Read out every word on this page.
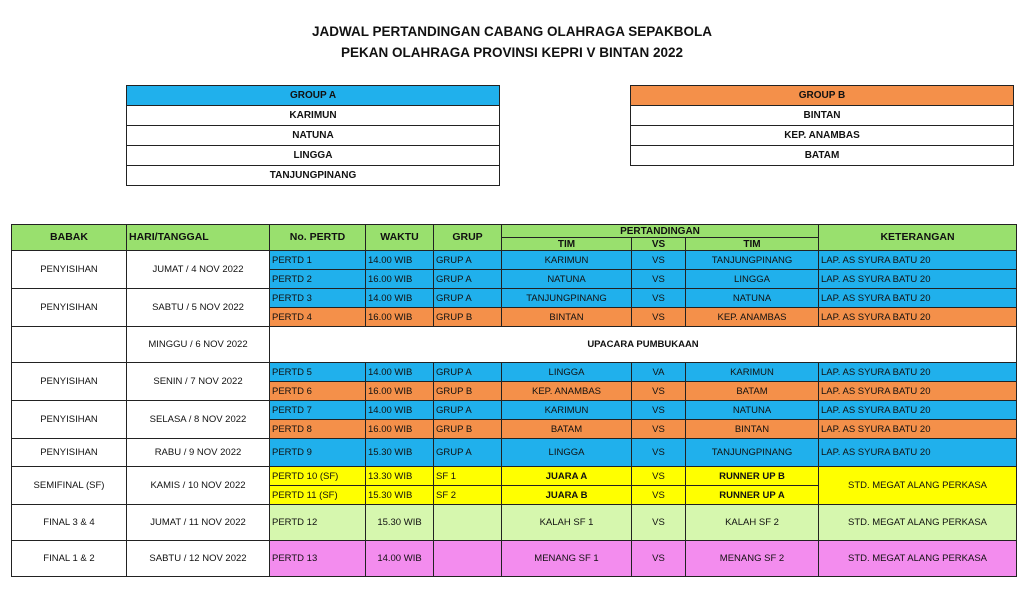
JADWAL PERTANDINGAN CABANG OLAHRAGA SEPAKBOLA
PEKAN OLAHRAGA PROVINSI KEPRI V BINTAN 2022
GROUP A
KARIMUN
NATUNA
LINGGA
TANJUNGPINANG
GROUP B
BINTAN
KEP. ANAMBAS
BATAM
BABAK	HARI/TANGGAL	No. PERTD	WAKTU	GRUP	PERTANDINGAN			KETERANGAN
					TIM	VS	TIM	
PENYISIHAN	JUMAT / 4 NOV 2022	PERTD 1	14.00 WIB	GRUP A	KARIMUN	VS	TANJUNGPINANG	LAP. AS SYURA BATU 20
		PERTD 2	16.00 WIB	GRUP A	NATUNA	VS	LINGGA	LAP. AS SYURA BATU 20
PENYISIHAN	SABTU / 5 NOV 2022	PERTD 3	14.00 WIB	GRUP A	TANJUNGPINANG	VS	NATUNA	LAP. AS SYURA BATU 20
		PERTD 4	16.00 WIB	GRUP B	BINTAN	VS	KEP. ANAMBAS	LAP. AS SYURA BATU 20
	MINGGU / 6 NOV 2022	UPACARA PUMBUKAAN						
PENYISIHAN	SENIN / 7 NOV 2022	PERTD 5	14.00 WIB	GRUP A	LINGGA	VA	KARIMUN	LAP. AS SYURA BATU 20
		PERTD 6	16.00 WIB	GRUP B	KEP. ANAMBAS	VS	BATAM	LAP. AS SYURA BATU 20
PENYISIHAN	SELASA / 8 NOV 2022	PERTD 7	14.00 WIB	GRUP A	KARIMUN	VS	NATUNA	LAP. AS SYURA BATU 20
		PERTD 8	16.00 WIB	GRUP B	BATAM	VS	BINTAN	LAP. AS SYURA BATU 20
PENYISIHAN	RABU / 9 NOV 2022	PERTD 9	15.30 WIB	GRUP A	LINGGA	VS	TANJUNGPINANG	LAP. AS SYURA BATU 20
SEMIFINAL (SF)	KAMIS / 10 NOV 2022	PERTD 10 (SF)	13.30 WIB	SF 1	JUARA A	VS	RUNNER UP B	STD. MEGAT ALANG PERKASA
		PERTD 11 (SF)	15.30 WIB	SF 2	JUARA B	VS	RUNNER UP A	
FINAL 3 & 4	JUMAT / 11 NOV 2022	PERTD 12	15.30 WIB		KALAH SF 1	VS	KALAH SF 2	STD. MEGAT ALANG PERKASA
FINAL 1 & 2	SABTU / 12 NOV 2022	PERTD 13	14.00 WIB		MENANG SF 1	VS	MENANG SF 2	STD. MEGAT ALANG PERKASA
